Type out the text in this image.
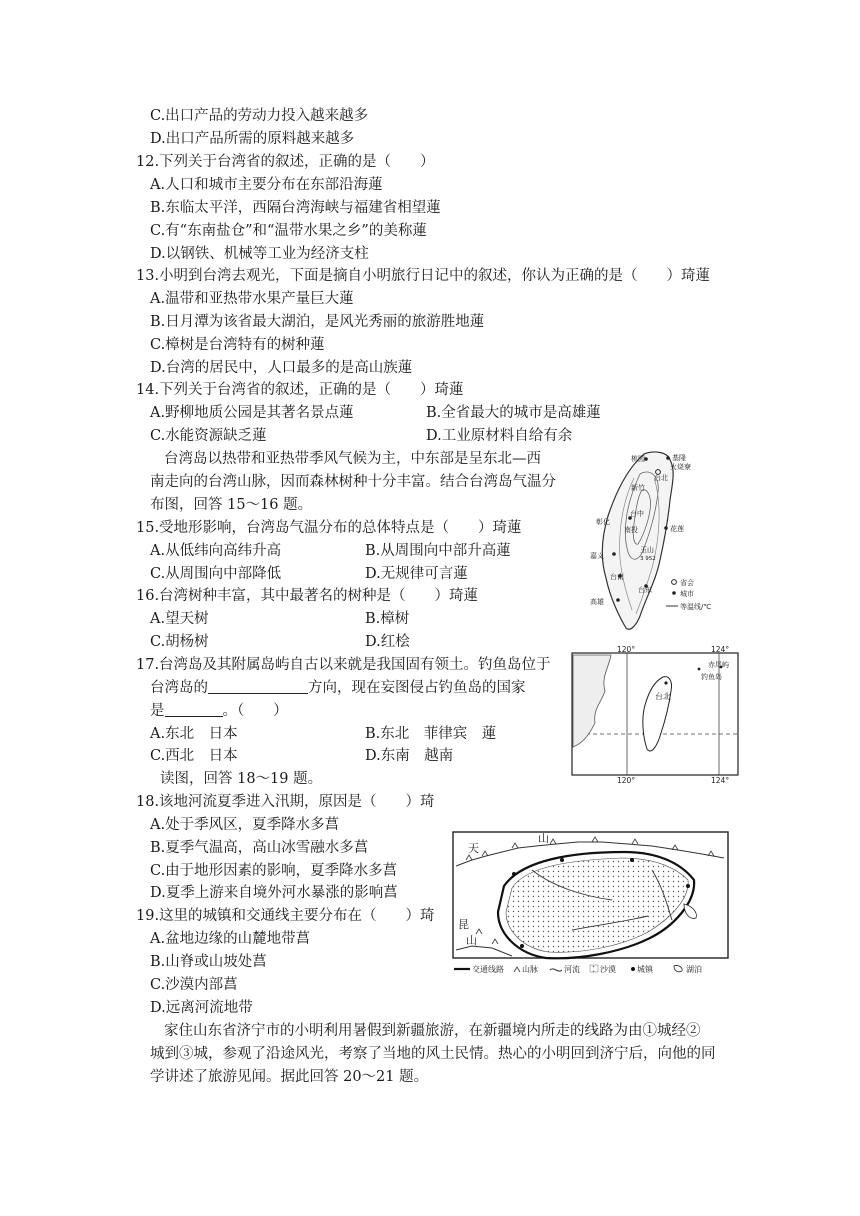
C.出口产品的劳动力投入越来越多
D.出口产品所需的原料越来越多
12.下列关于台湾省的叙述，正确的是（　　）
A.人口和城市主要分布在东部沿海蓮
B.东临太平洋，西隔台湾海峡与福建省相望蓮
C.有“东南盐仓”和“温带水果之乡”的美称蓮
D.以钢铁、机械等工业为经济支柱
13.小明到台湾去观光，下面是摘自小明旅行日记中的叙述，你认为正确的是（　　）琦蓮
A.温带和亚热带水果产量巨大蓮
B.日月潭为该省最大湖泊，是风光秀丽的旅游胜地蓮
C.樟树是台湾特有的树种蓮
D.台湾的居民中，人口最多的是高山族蓮
14.下列关于台湾省的叙述，正确的是（　　）琦蓮
A.野柳地质公园是其著名景点蓮	B.全省最大的城市是高雄蓮
C.水能资源缺乏蓮	D.工业原材料自给有余
台湾岛以热带和亚热带季风气候为主，中东部是呈东北—西
南走向的台湾山脉，因而森林树种十分丰富。结合台湾岛气温分
布图，回答 15～16 题。
15.受地形影响，台湾岛气温分布的总体特点是（　　）琦蓮
A.从低纬向高纬升高	B.从周围向中部升高蓮
C.从周围向中部降低	D.无规律可言蓮
16.台湾树种丰富，其中最著名的树种是（　　）琦蓮
A.望天树	B.樟树
C.胡杨树	D.红桧
17.台湾岛及其附属岛屿自古以来就是我国固有领土。钓鱼岛位于
台湾岛的	方向，现在妄图侵占钓鱼岛的国家
是	。（　　）
A.东北　日本	B.东北　菲律宾　蓮
C.西北　日本	D.东南　越南
读图，回答 18～19 题。
18.该地河流夏季进入汛期，原因是（　　）琦
A.处于季风区，夏季降水多菖
B.夏季气温高，高山冰雪融水多菖
C.由于地形因素的影响，夏季降水多菖
D.夏季上游来自境外河水暴涨的影响菖
19.这里的城镇和交通线主要分布在（　　）琦
A.盆地边缘的山麓地带菖
B.山脊或山坡处菖
C.沙漠内部菖
D.远离河流地带
家住山东省济宁市的小明利用暑假到新疆旅游，在新疆境内所走的线路为由①城经②
城到③城，参观了沿途风光，考察了当地的风土民情。热心的小明回到济宁后，向他的同
学讲述了旅游见闻。据此回答 20～21 题。
桃园	基隆
火烧寮
台北
新竹
台中
彰化
南投	花莲
玉山
3 952
嘉义
台南
台东
高雄
省会
城市
等温线/℃
台北
赤尾屿
钓鱼岛
120°	124°
120°	124°
天
山
昆
山
交通线路 山脉	河流	沙漠	城镇	湖泊
